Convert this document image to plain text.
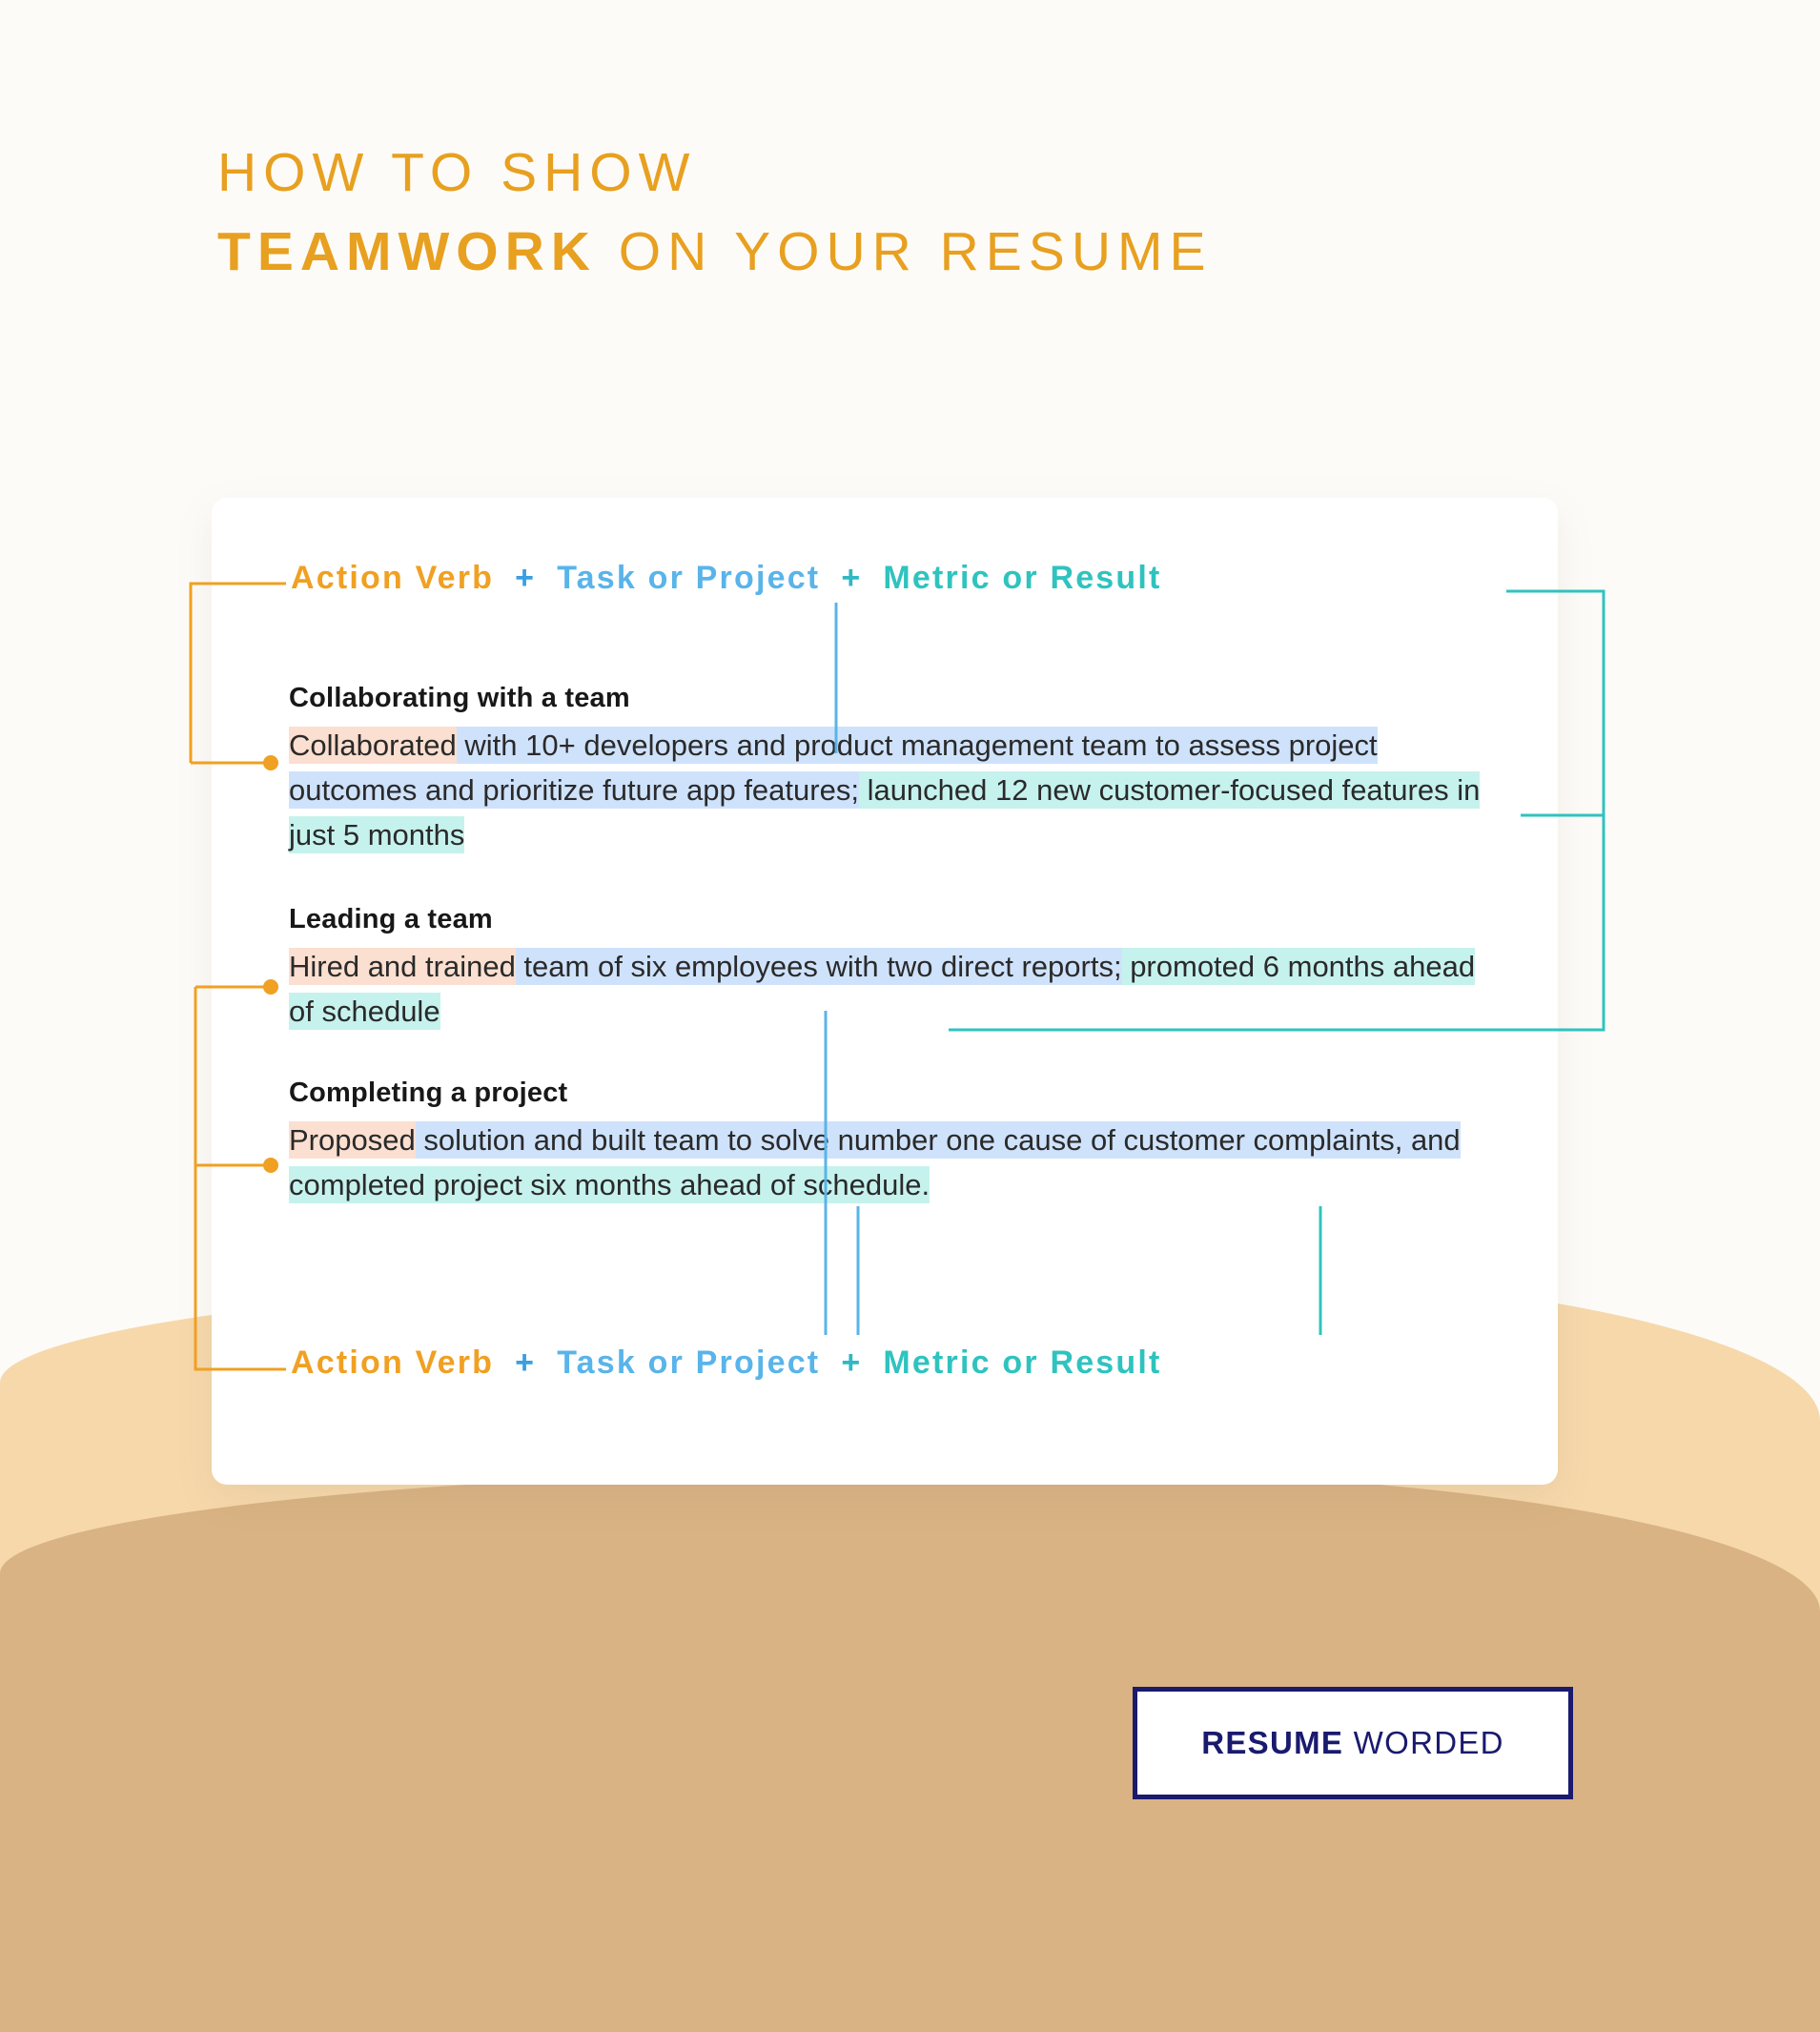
HOW TO SHOW
TEAMWORK ON YOUR RESUME
Action Verb + Task or Project + Metric or Result
Collaborating with a team
Collaborated with 10+ developers and product management team to assess project outcomes and prioritize future app features; launched 12 new customer-focused features in just 5 months
Leading a team
Hired and trained team of six employees with two direct reports; promoted 6 months ahead of schedule
Completing a project
Proposed solution and built team to solve number one cause of customer complaints, and completed project six months ahead of schedule.
Action Verb + Task or Project + Metric or Result
RESUME WORDED
